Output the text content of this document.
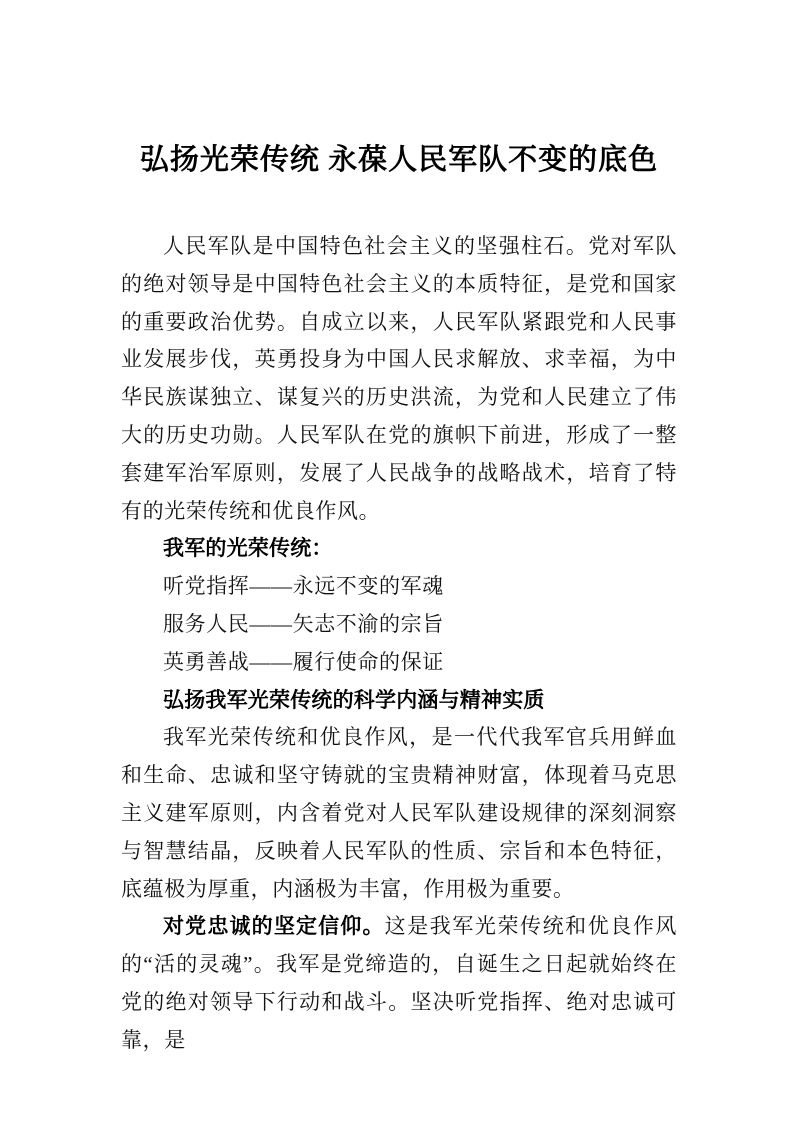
弘扬光荣传统 永葆人民军队不变的底色

人民军队是中国特色社会主义的坚强柱石。党对军队的绝对领导是中国特色社会主义的本质特征，是党和国家的重要政治优势。自成立以来，人民军队紧跟党和人民事业发展步伐，英勇投身为中国人民求解放、求幸福，为中华民族谋独立、谋复兴的历史洪流，为党和人民建立了伟大的历史功勋。人民军队在党的旗帜下前进，形成了一整套建军治军原则，发展了人民战争的战略战术，培育了特有的光荣传统和优良作风。

我军的光荣传统：
听党指挥——永远不变的军魂
服务人民——矢志不渝的宗旨
英勇善战——履行使命的保证
弘扬我军光荣传统的科学内涵与精神实质

我军光荣传统和优良作风，是一代代我军官兵用鲜血和生命、忠诚和坚守铸就的宝贵精神财富，体现着马克思主义建军原则，内含着党对人民军队建设规律的深刻洞察与智慧结晶，反映着人民军队的性质、宗旨和本色特征，底蕴极为厚重，内涵极为丰富，作用极为重要。

对党忠诚的坚定信仰。这是我军光荣传统和优良作风的“活的灵魂”。我军是党缔造的，自诞生之日起就始终在党的绝对领导下行动和战斗。坚决听党指挥、绝对忠诚可靠，是
